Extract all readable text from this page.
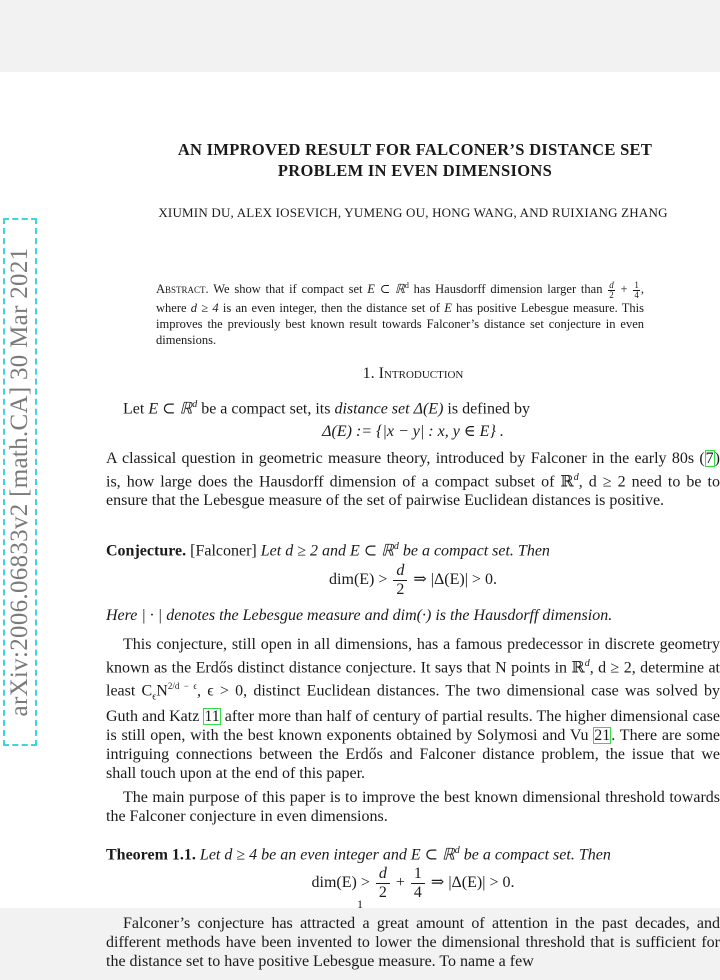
arXiv:2006.06833v2 [math.CA] 30 Mar 2021
AN IMPROVED RESULT FOR FALCONER’S DISTANCE SET
PROBLEM IN EVEN DIMENSIONS
XIUMIN DU, ALEX IOSEVICH, YUMENG OU, HONG WANG, AND RUIXIANG ZHANG
Abstract. We show that if compact set E ⊂ ℝ$^d$ has Hausdorff dimension larger than $\frac{d}{2} + \frac{1}{4}$ , where d ≥ 4 is an even integer, then the distance set of E has positive Lebesgue measure. This improves the previously best known result towards Falconer’s distance set conjecture in even dimensions.
1. Introduction
Let E ⊂ ℝ$^d$ be a compact set, its distance set Δ(E) is defined by
Δ(E) := {|x − y| : x, y ∈ E} .
A classical question in geometric measure theory, introduced by Falconer in the early 80s (7) is, how large does the Hausdorff dimension of a compact subset of ℝ$^d$, d ≥ 2 need to be to ensure that the Lebesgue measure of the set of pairwise Euclidean distances is positive.
Conjecture. [Falconer] Let d ≥ 2 and E ⊂ ℝ$^d$ be a compact set. Then
$dim(E) > \frac{d}{2}$ ⇒ |Δ(E)| > 0.
Here | · | denotes the Lebesgue measure and dim(·) is the Hausdorff dimension.
This conjecture, still open in all dimensions, has a famous predecessor in discrete geometry known as the Erdős distinct distance conjecture. It says that N points in ℝ$^d$, d ≥ 2, determine at least $C_\epsilon N^{2/d - \epsilon}$, ϵ > 0, distinct Euclidean distances. The two dimensional case was solved by Guth and Katz 11 after more than half of century of partial results. The higher dimensional case is still open, with the best known exponents obtained by Solymosi and Vu 21. There are some intriguing connections between the Erdős and Falconer distance problem, the issue that we shall touch upon at the end of this paper.
The main purpose of this paper is to improve the best known dimensional threshold towards the Falconer conjecture in even dimensions.
Theorem 1.1. Let d ≥ 4 be an even integer and E ⊂ ℝ$^d$ be a compact set. Then
$dim(E) > \frac{d}{2} + \frac{1}{4}$ ⇒ |Δ(E)| > 0.
Falconer’s conjecture has attracted a great amount of attention in the past decades, and different methods have been invented to lower the dimensional threshold that is sufficient for the distance set to have positive Lebesgue measure. To name a few
1
